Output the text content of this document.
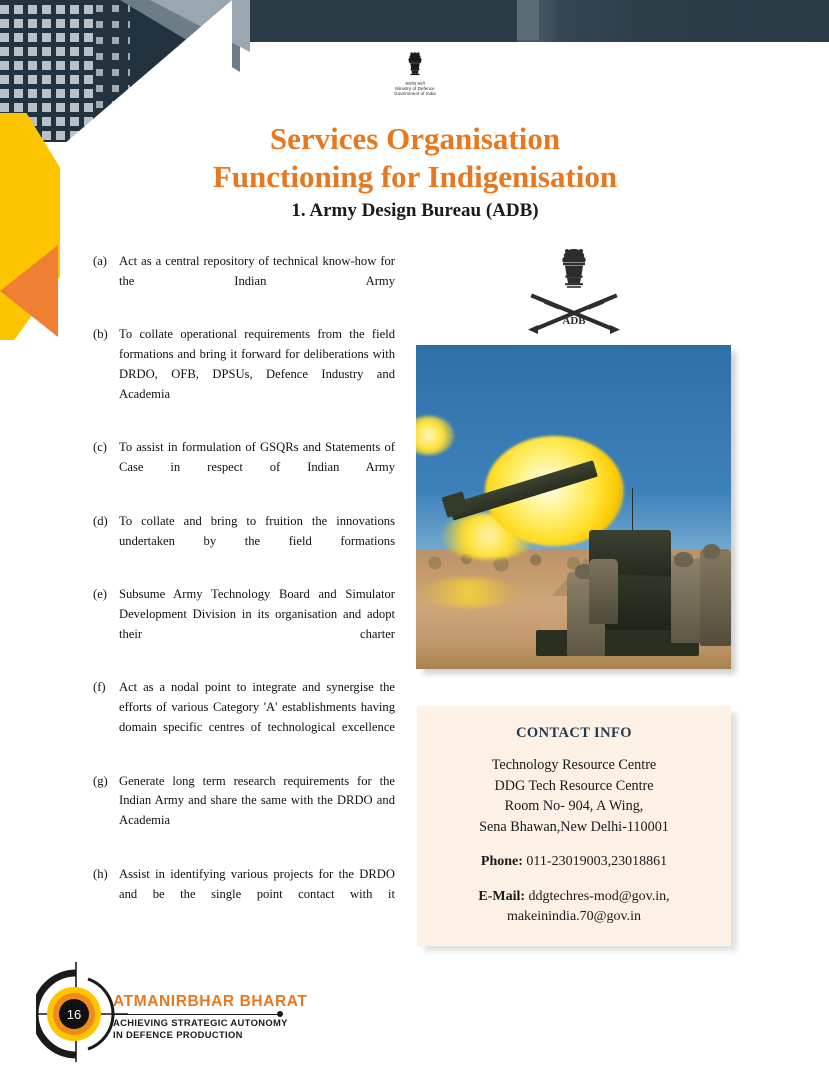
सत्यमेव जयते
Ministry of Defence
Government of India
Services Organisation
Functioning for Indigenisation
1. Army Design Bureau (ADB)
(a) Act as a central repository of technical know-how for the Indian Army
(b) To collate operational requirements from the field formations and bring it forward for deliberations with DRDO, OFB, DPSUs, Defence Industry and Academia
(c) To assist in formulation of GSQRs and Statements of Case in respect of Indian Army
(d) To collate and bring to fruition the innovations undertaken by the field formations
(e) Subsume Army Technology Board and Simulator Development Division in its organisation and adopt their charter
(f)	Act as a nodal point to integrate and synergise the efforts of various Category 'A' establishments having domain specific centres of technological excellence
(g) Generate long term research requirements for the Indian Army and share the same with the DRDO and Academia
(h) Assist in identifying various projects for the DRDO and be the single point contact with it
ADB
CONTACT INFO
Technology Resource Centre
DDG Tech Resource Centre
Room No- 904, A Wing,
Sena Bhawan,New Delhi-110001
Phone: 011-23019003,23018861
E-Mail: ddgtechres-mod@gov.in,
makeinindia.70@gov.in
16
ATMANIRBHAR BHARAT
ACHIEVING STRATEGIC AUTONOMY
IN DEFENCE PRODUCTION
